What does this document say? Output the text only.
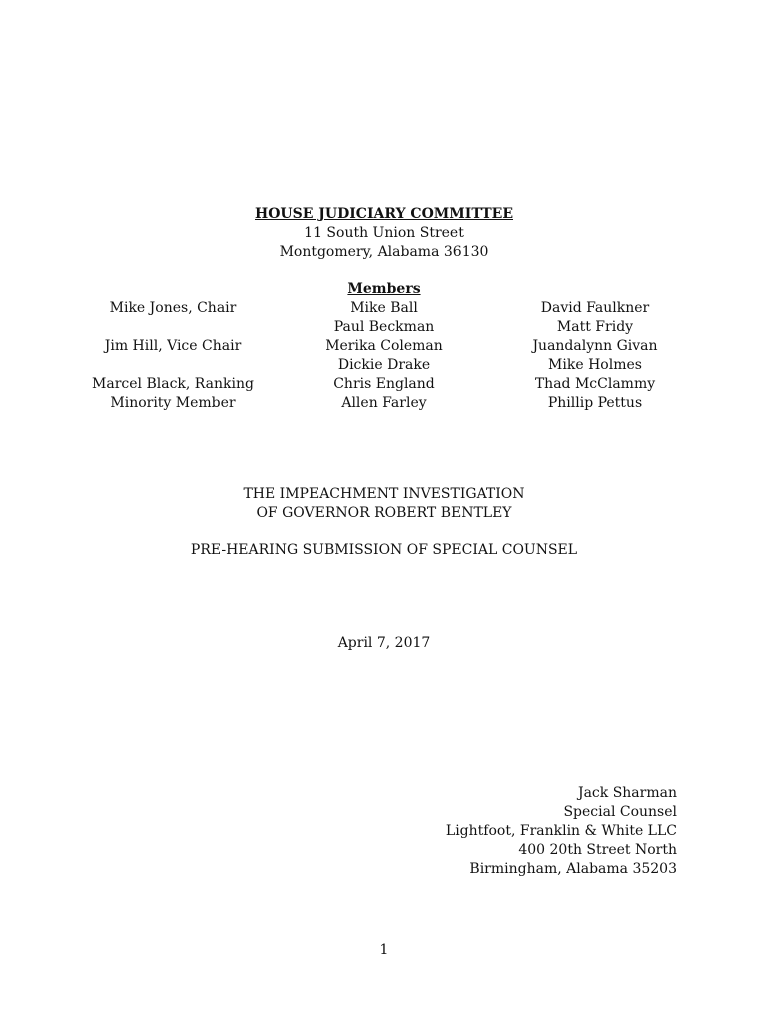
HOUSE JUDICIARY COMMITTEE
11 South Union Street
Montgomery, Alabama 36130
Members
Mike Jones, Chair
Jim Hill, Vice Chair
Marcel Black, Ranking
Minority Member
Mike Ball
Paul Beckman
Merika Coleman
Dickie Drake
Chris England
Allen Farley
David Faulkner
Matt Fridy
Juandalynn Givan
Mike Holmes
Thad McClammy
Phillip Pettus
THE IMPEACHMENT INVESTIGATION
OF GOVERNOR ROBERT BENTLEY
PRE-HEARING SUBMISSION OF SPECIAL COUNSEL
April 7, 2017
Jack Sharman
Special Counsel
Lightfoot, Franklin & White LLC
400 20th Street North
Birmingham, Alabama 35203
1
